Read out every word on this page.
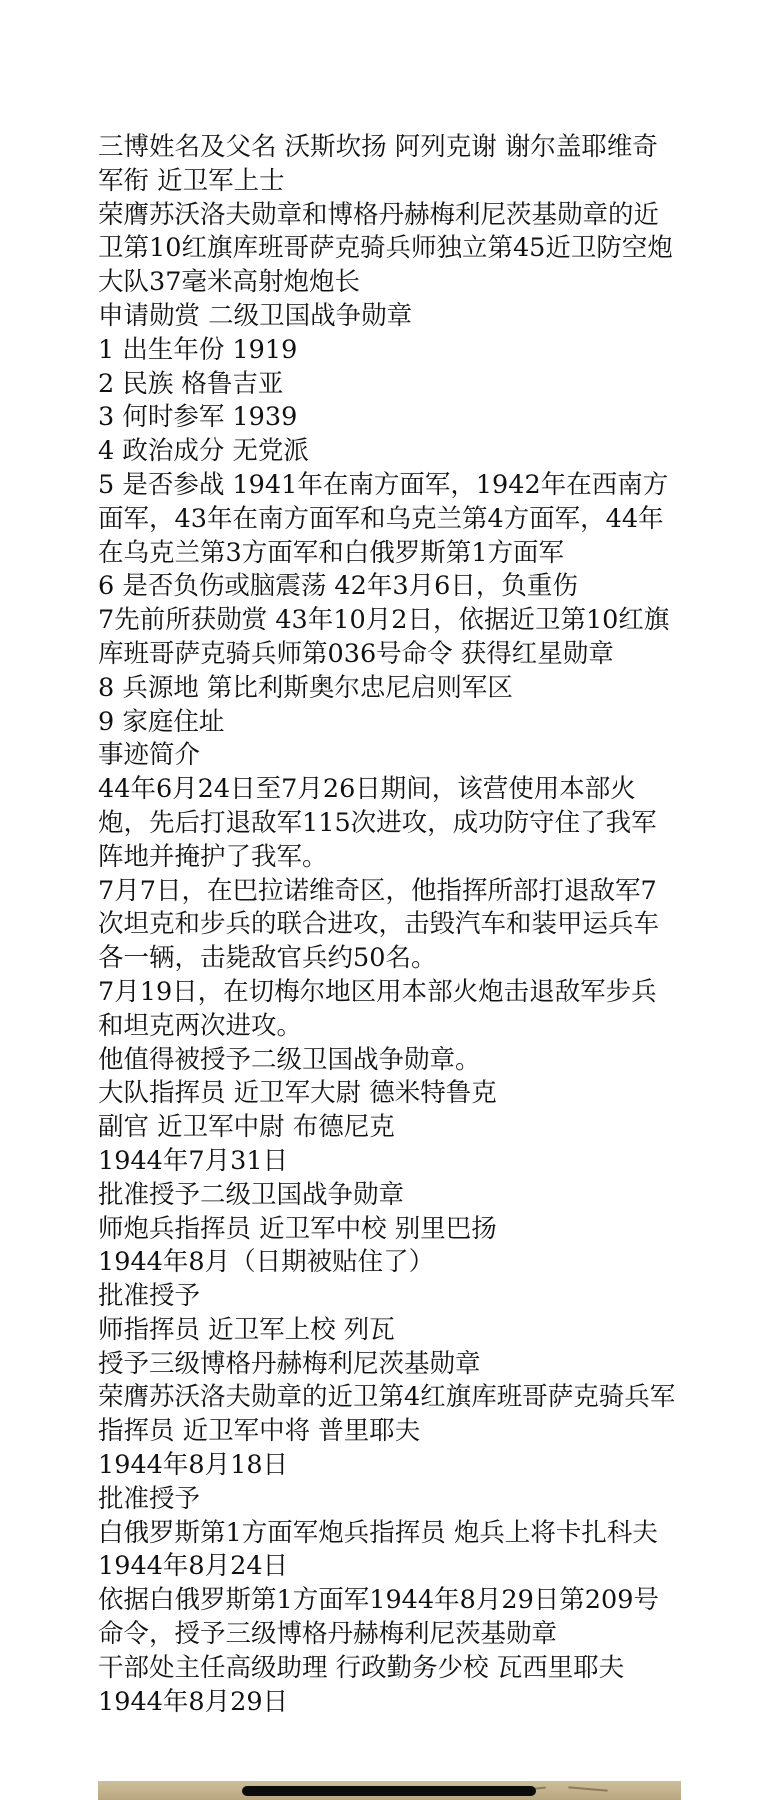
三博姓名及父名 沃斯坎扬 阿列克谢 谢尔盖耶维奇
军衔 近卫军上士
荣膺苏沃洛夫勋章和博格丹赫梅利尼茨基勋章的近卫第10红旗库班哥萨克骑兵师独立第45近卫防空炮大队37毫米高射炮炮长
申请勋赏 二级卫国战争勋章
1 出生年份 1919
2 民族 格鲁吉亚
3 何时参军 1939
4 政治成分 无党派
5 是否参战 1941年在南方面军，1942年在西南方面军，43年在南方面军和乌克兰第4方面军，44年在乌克兰第3方面军和白俄罗斯第1方面军
6 是否负伤或脑震荡 42年3月6日，负重伤
7先前所获勋赏 43年10月2日，依据近卫第10红旗库班哥萨克骑兵师第036号命令 获得红星勋章
8 兵源地 第比利斯奥尔忠尼启则军区
9 家庭住址
事迹简介
44年6月24日至7月26日期间，该营使用本部火炮，先后打退敌军115次进攻，成功防守住了我军阵地并掩护了我军。
7月7日，在巴拉诺维奇区，他指挥所部打退敌军7次坦克和步兵的联合进攻，击毁汽车和装甲运兵车各一辆，击毙敌官兵约50名。
7月19日，在切梅尔地区用本部火炮击退敌军步兵和坦克两次进攻。
他值得被授予二级卫国战争勋章。
大队指挥员 近卫军大尉 德米特鲁克
副官 近卫军中尉 布德尼克
1944年7月31日
批准授予二级卫国战争勋章
师炮兵指挥员 近卫军中校 别里巴扬
1944年8月（日期被贴住了）
批准授予
师指挥员 近卫军上校 列瓦
授予三级博格丹赫梅利尼茨基勋章
荣膺苏沃洛夫勋章的近卫第4红旗库班哥萨克骑兵军指挥员 近卫军中将 普里耶夫
1944年8月18日
批准授予
白俄罗斯第1方面军炮兵指挥员 炮兵上将卡扎科夫
1944年8月24日
依据白俄罗斯第1方面军1944年8月29日第209号命令，授予三级博格丹赫梅利尼茨基勋章
干部处主任高级助理 行政勤务少校 瓦西里耶夫
1944年8月29日
